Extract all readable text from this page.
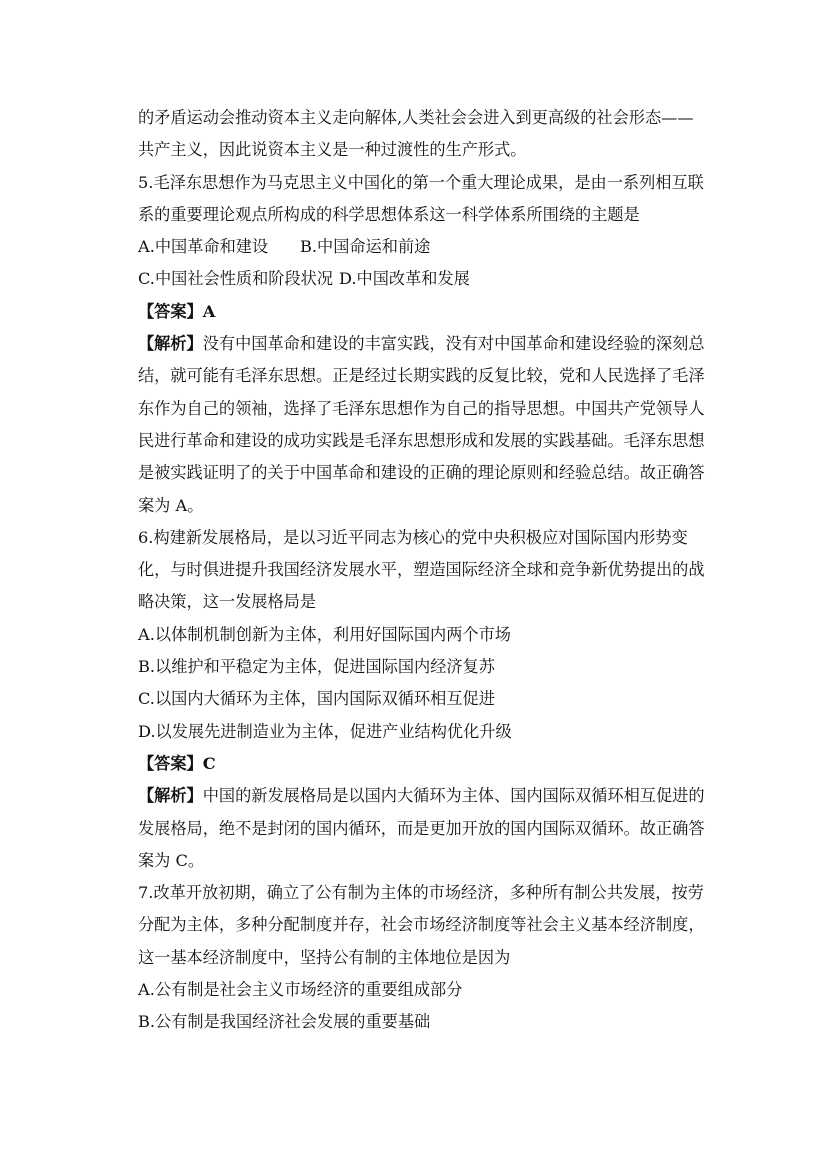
的矛盾运动会推动资本主义走向解体,人类社会会进入到更高级的社会形态——
共产主义，因此说资本主义是一种过渡性的生产形式。
5.毛泽东思想作为马克思主义中国化的第一个重大理论成果，是由一系列相互联
系的重要理论观点所构成的科学思想体系这一科学体系所围绕的主题是
A.中国革命和建设 B.中国命运和前途
C.中国社会性质和阶段状况 D.中国改革和发展
【答案】A
【解析】没有中国革命和建设的丰富实践，没有对中国革命和建设经验的深刻总
结，就可能有毛泽东思想。正是经过长期实践的反复比较，党和人民选择了毛泽
东作为自己的领袖，选择了毛泽东思想作为自己的指导思想。中国共产党领导人
民进行革命和建设的成功实践是毛泽东思想形成和发展的实践基础。毛泽东思想
是被实践证明了的关于中国革命和建设的正确的理论原则和经验总结。故正确答
案为 A。
6.构建新发展格局，是以习近平同志为核心的党中央积极应对国际国内形势变
化，与时俱进提升我国经济发展水平，塑造国际经济全球和竞争新优势提出的战
略决策，这一发展格局是
A.以体制机制创新为主体，利用好国际国内两个市场
B.以维护和平稳定为主体，促进国际国内经济复苏
C.以国内大循环为主体，国内国际双循环相互促进
D.以发展先进制造业为主体，促进产业结构优化升级
【答案】C
【解析】中国的新发展格局是以国内大循环为主体、国内国际双循环相互促进的
发展格局，绝不是封闭的国内循环，而是更加开放的国内国际双循环。故正确答
案为 C。
7.改革开放初期，确立了公有制为主体的市场经济，多种所有制公共发展，按劳
分配为主体，多种分配制度并存，社会市场经济制度等社会主义基本经济制度，
这一基本经济制度中，坚持公有制的主体地位是因为
A.公有制是社会主义市场经济的重要组成部分
B.公有制是我国经济社会发展的重要基础
